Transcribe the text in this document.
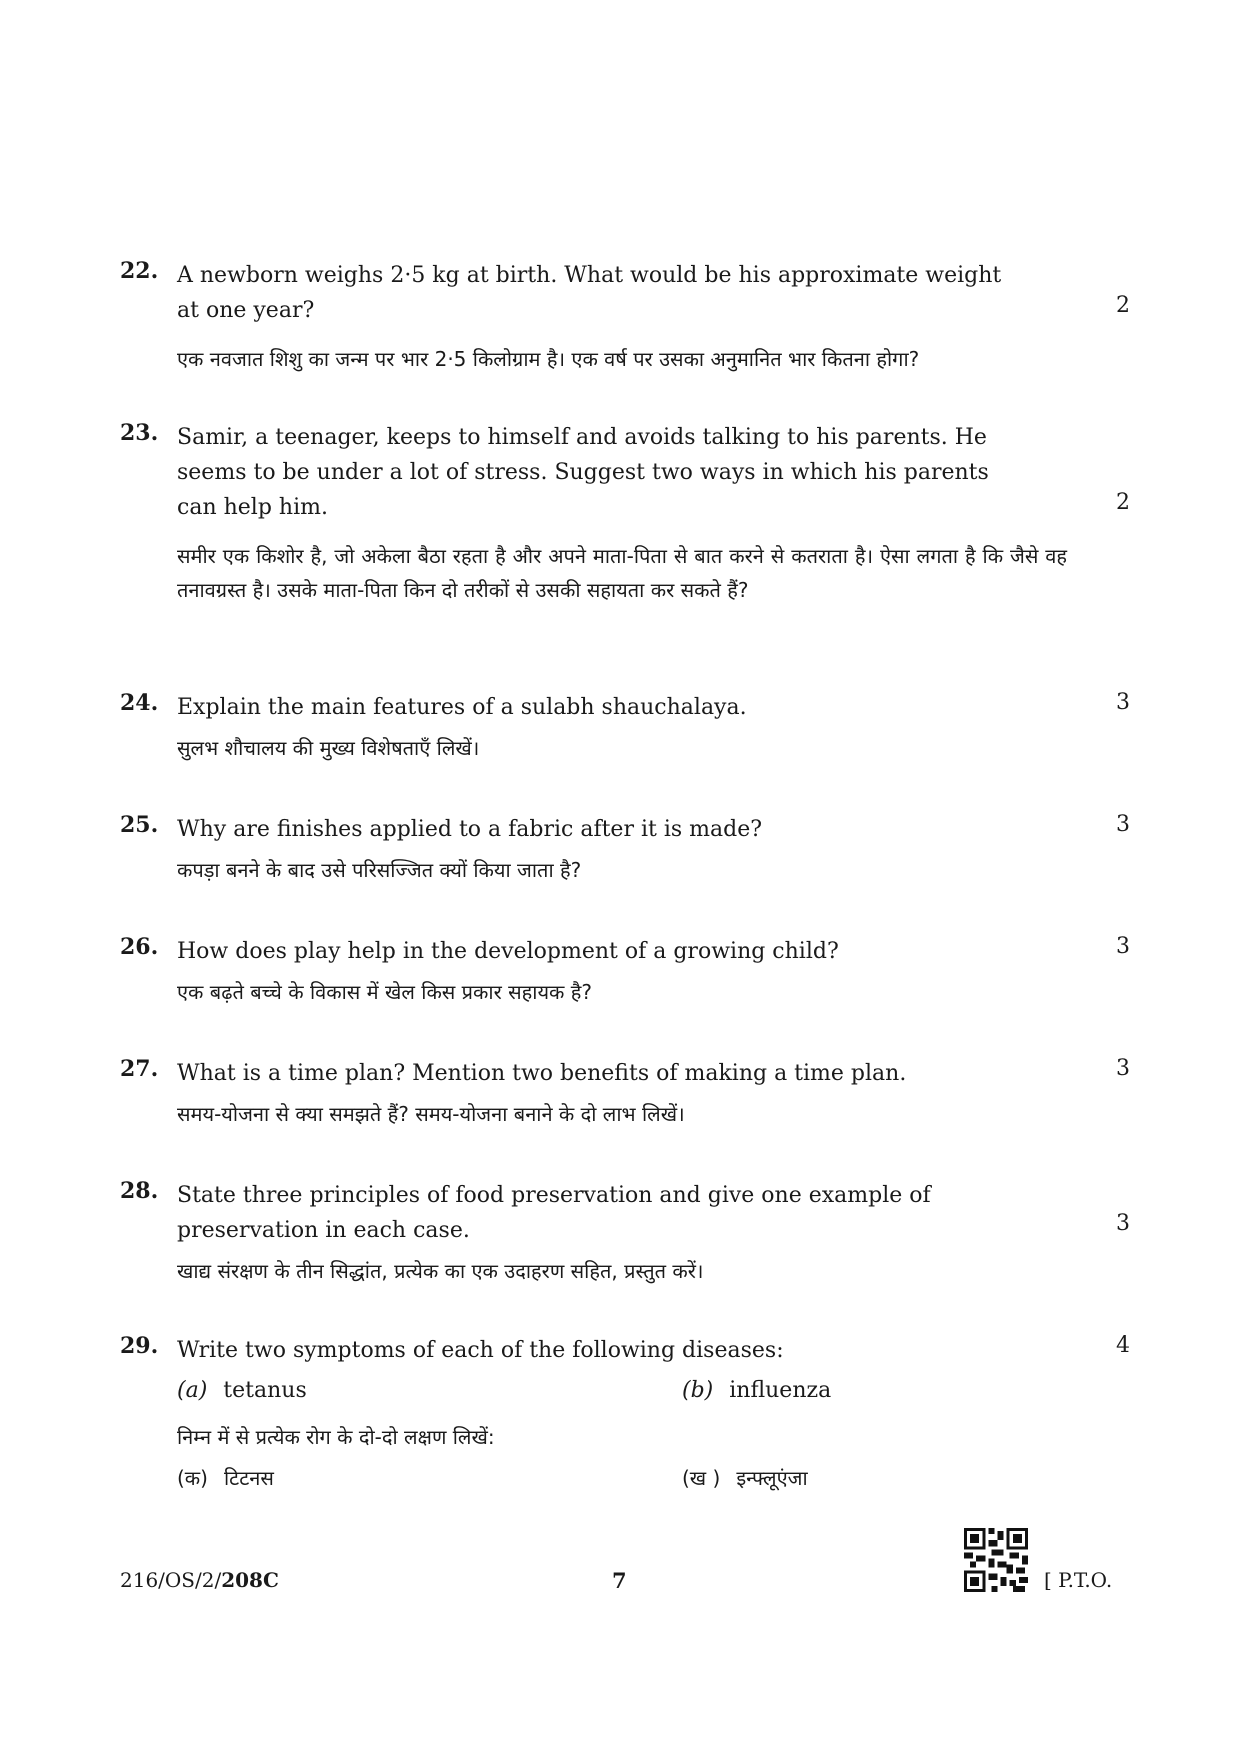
22. A newborn weighs 2·5 kg at birth. What would be his approximate weight
at one year?	2
एक नवजात शिशु का जन्म पर भार 2·5 किलोग्राम है। एक वर्ष पर उसका अनुमानित भार कितना होगा?
23. Samir, a teenager, keeps to himself and avoids talking to his parents. He
seems to be under a lot of stress. Suggest two ways in which his parents
can help him.	2
समीर एक किशोर है, जो अकेला बैठा रहता है और अपने माता-पिता से बात करने से कतराता है। ऐसा लगता है कि जैसे वह तनावग्रस्त है। उसके माता-पिता किन दो तरीकों से उसकी सहायता कर सकते हैं?
24. Explain the main features of a sulabh shauchalaya.	3
सुलभ शौचालय की मुख्य विशेषताएँ लिखें।
25. Why are finishes applied to a fabric after it is made?	3
कपड़ा बनने के बाद उसे परिसज्जित क्यों किया जाता है?
26. How does play help in the development of a growing child?	3
एक बढ़ते बच्चे के विकास में खेल किस प्रकार सहायक है?
27. What is a time plan? Mention two benefits of making a time plan.	3
समय-योजना से क्या समझते हैं? समय-योजना बनाने के दो लाभ लिखें।
28. State three principles of food preservation and give one example of
preservation in each case.	3
खाद्य संरक्षण के तीन सिद्धांत, प्रत्येक का एक उदाहरण सहित, प्रस्तुत करें।
29. Write two symptoms of each of the following diseases:	4
(a) tetanus	(b) influenza
निम्न में से प्रत्येक रोग के दो-दो लक्षण लिखें:
(क) टिटनस	(ख ) इन्फ्लूएंजा
216/OS/2/208C	7	[ P.T.O.
